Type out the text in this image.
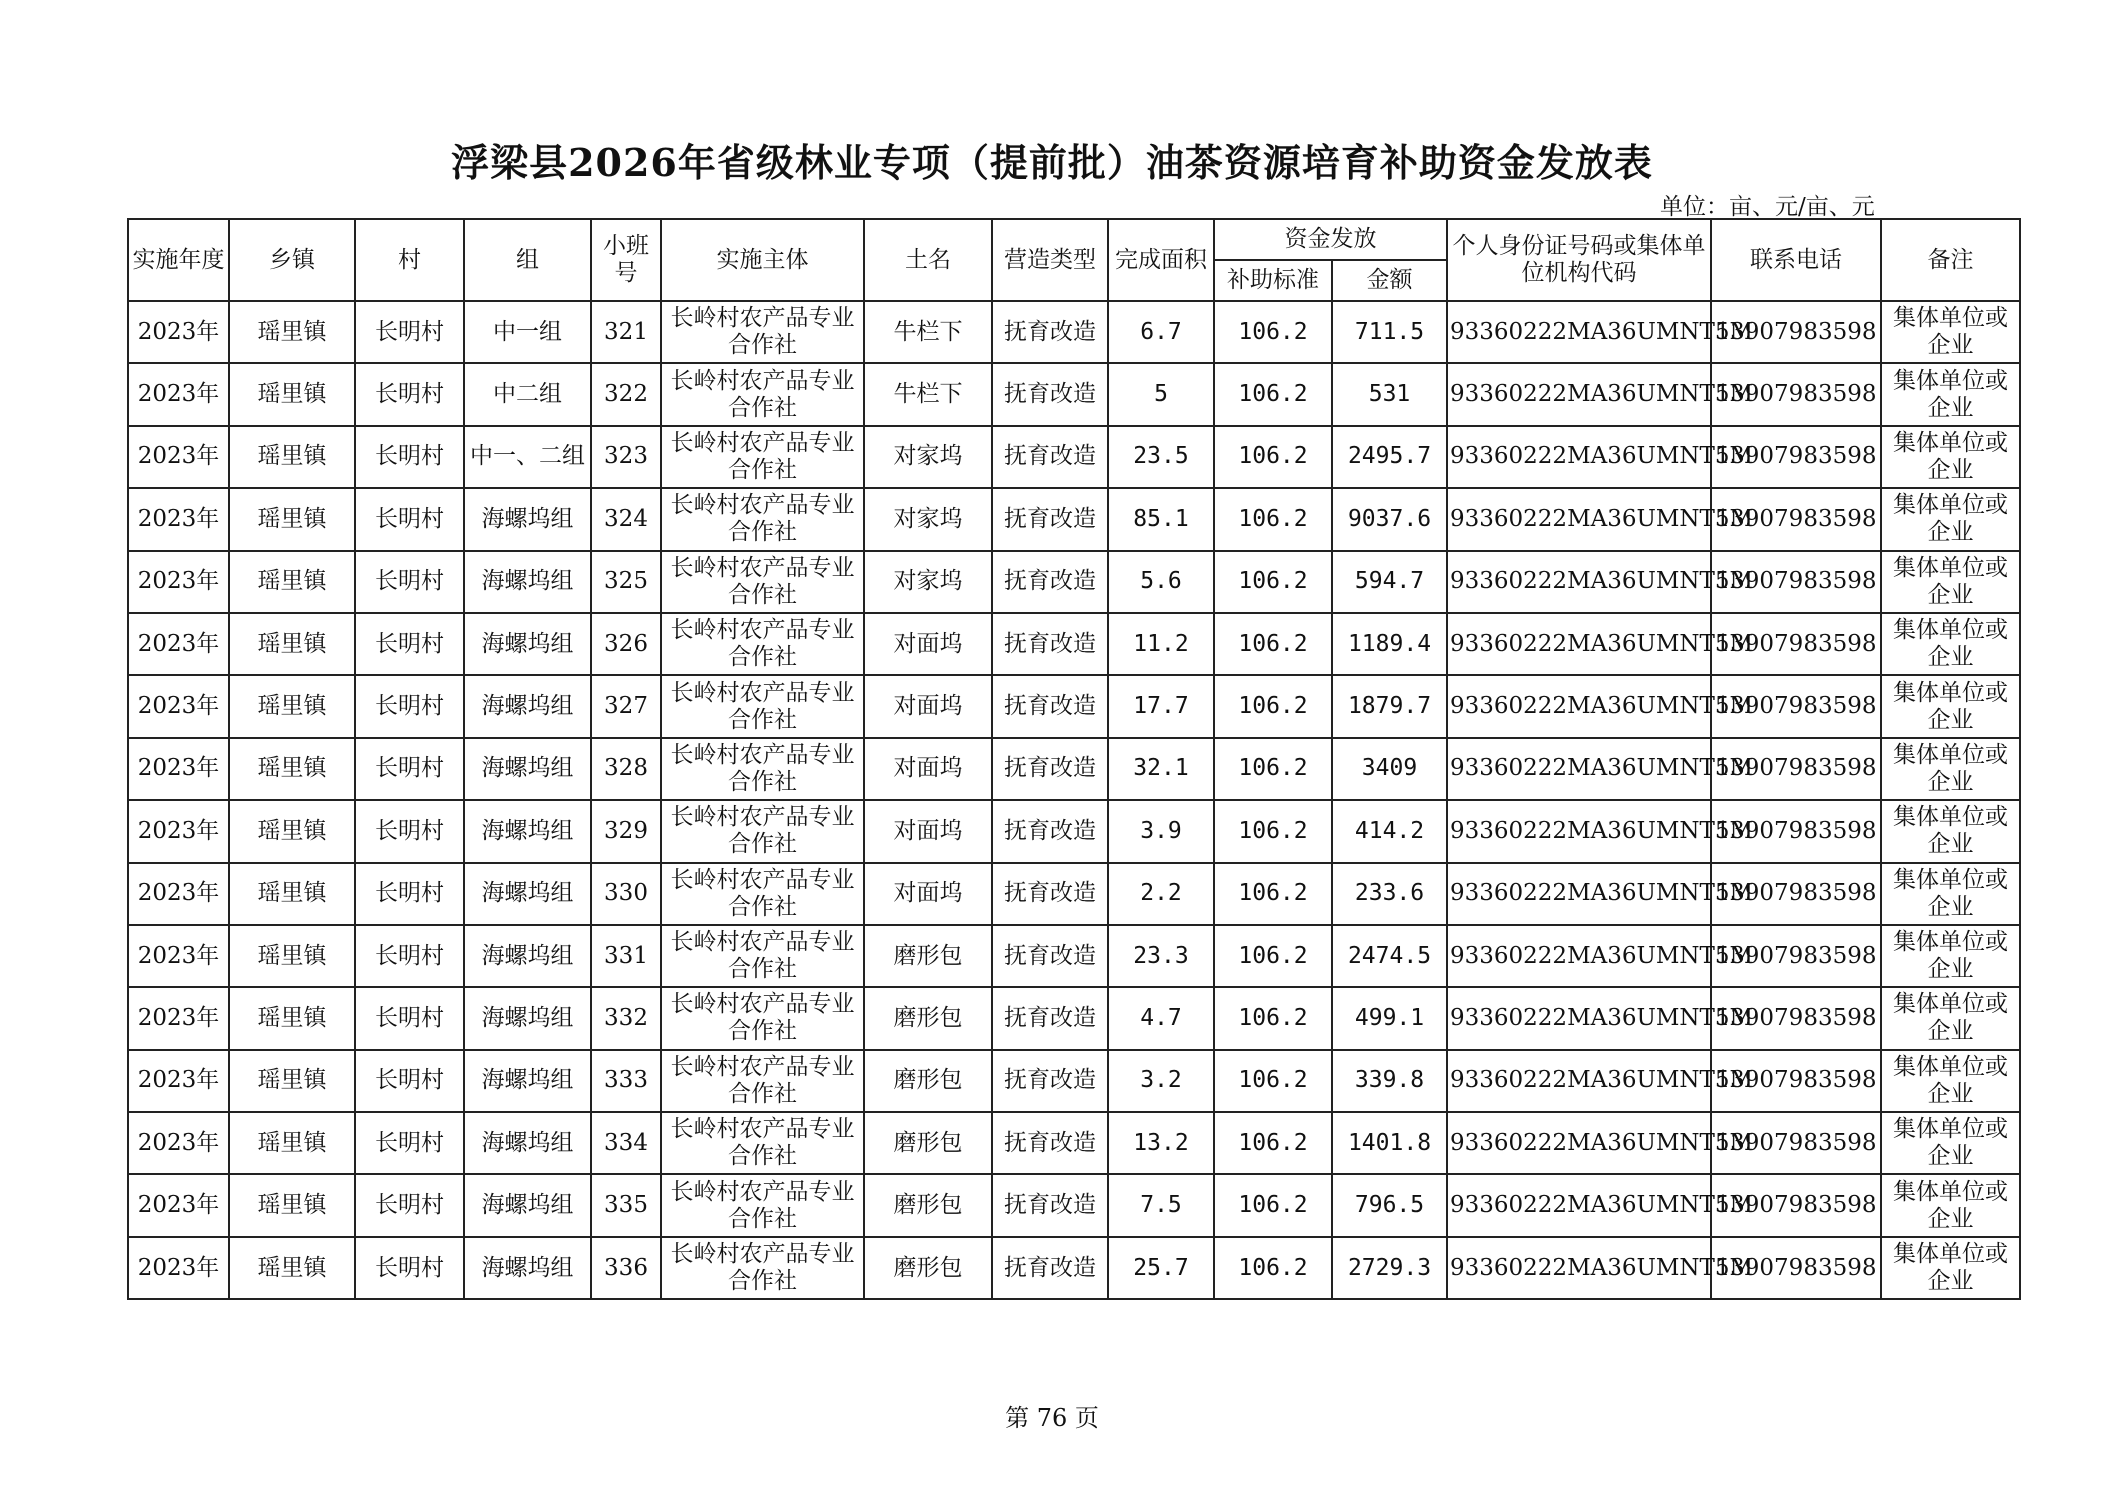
浮梁县2026年省级林业专项（提前批）油茶资源培育补助资金发放表
单位：亩、元/亩、元
实施年度	乡镇	村	组	小班号	实施主体	土名	营造类型	完成面积	资金发放		个人身份证号码或集体单位机构代码	联系电话	备注
									补助标准	金额			
2023年	瑶里镇	长明村	中一组	321	长岭村农产品专业合作社	牛栏下	抚育改造	6.7	106.2	711.5	93360222MA36UMNT5M	13907983598	集体单位或企业
2023年	瑶里镇	长明村	中二组	322	长岭村农产品专业合作社	牛栏下	抚育改造	5	106.2	531	93360222MA36UMNT5M	13907983598	集体单位或企业
2023年	瑶里镇	长明村	中一、二组	323	长岭村农产品专业合作社	对家坞	抚育改造	23.5	106.2	2495.7	93360222MA36UMNT5M	13907983598	集体单位或企业
2023年	瑶里镇	长明村	海螺坞组	324	长岭村农产品专业合作社	对家坞	抚育改造	85.1	106.2	9037.6	93360222MA36UMNT5M	13907983598	集体单位或企业
2023年	瑶里镇	长明村	海螺坞组	325	长岭村农产品专业合作社	对家坞	抚育改造	5.6	106.2	594.7	93360222MA36UMNT5M	13907983598	集体单位或企业
2023年	瑶里镇	长明村	海螺坞组	326	长岭村农产品专业合作社	对面坞	抚育改造	11.2	106.2	1189.4	93360222MA36UMNT5M	13907983598	集体单位或企业
2023年	瑶里镇	长明村	海螺坞组	327	长岭村农产品专业合作社	对面坞	抚育改造	17.7	106.2	1879.7	93360222MA36UMNT5M	13907983598	集体单位或企业
2023年	瑶里镇	长明村	海螺坞组	328	长岭村农产品专业合作社	对面坞	抚育改造	32.1	106.2	3409	93360222MA36UMNT5M	13907983598	集体单位或企业
2023年	瑶里镇	长明村	海螺坞组	329	长岭村农产品专业合作社	对面坞	抚育改造	3.9	106.2	414.2	93360222MA36UMNT5M	13907983598	集体单位或企业
2023年	瑶里镇	长明村	海螺坞组	330	长岭村农产品专业合作社	对面坞	抚育改造	2.2	106.2	233.6	93360222MA36UMNT5M	13907983598	集体单位或企业
2023年	瑶里镇	长明村	海螺坞组	331	长岭村农产品专业合作社	磨形包	抚育改造	23.3	106.2	2474.5	93360222MA36UMNT5M	13907983598	集体单位或企业
2023年	瑶里镇	长明村	海螺坞组	332	长岭村农产品专业合作社	磨形包	抚育改造	4.7	106.2	499.1	93360222MA36UMNT5M	13907983598	集体单位或企业
2023年	瑶里镇	长明村	海螺坞组	333	长岭村农产品专业合作社	磨形包	抚育改造	3.2	106.2	339.8	93360222MA36UMNT5M	13907983598	集体单位或企业
2023年	瑶里镇	长明村	海螺坞组	334	长岭村农产品专业合作社	磨形包	抚育改造	13.2	106.2	1401.8	93360222MA36UMNT5M	13907983598	集体单位或企业
2023年	瑶里镇	长明村	海螺坞组	335	长岭村农产品专业合作社	磨形包	抚育改造	7.5	106.2	796.5	93360222MA36UMNT5M	13907983598	集体单位或企业
2023年	瑶里镇	长明村	海螺坞组	336	长岭村农产品专业合作社	磨形包	抚育改造	25.7	106.2	2729.3	93360222MA36UMNT5M	13907983598	集体单位或企业
第 76 页
